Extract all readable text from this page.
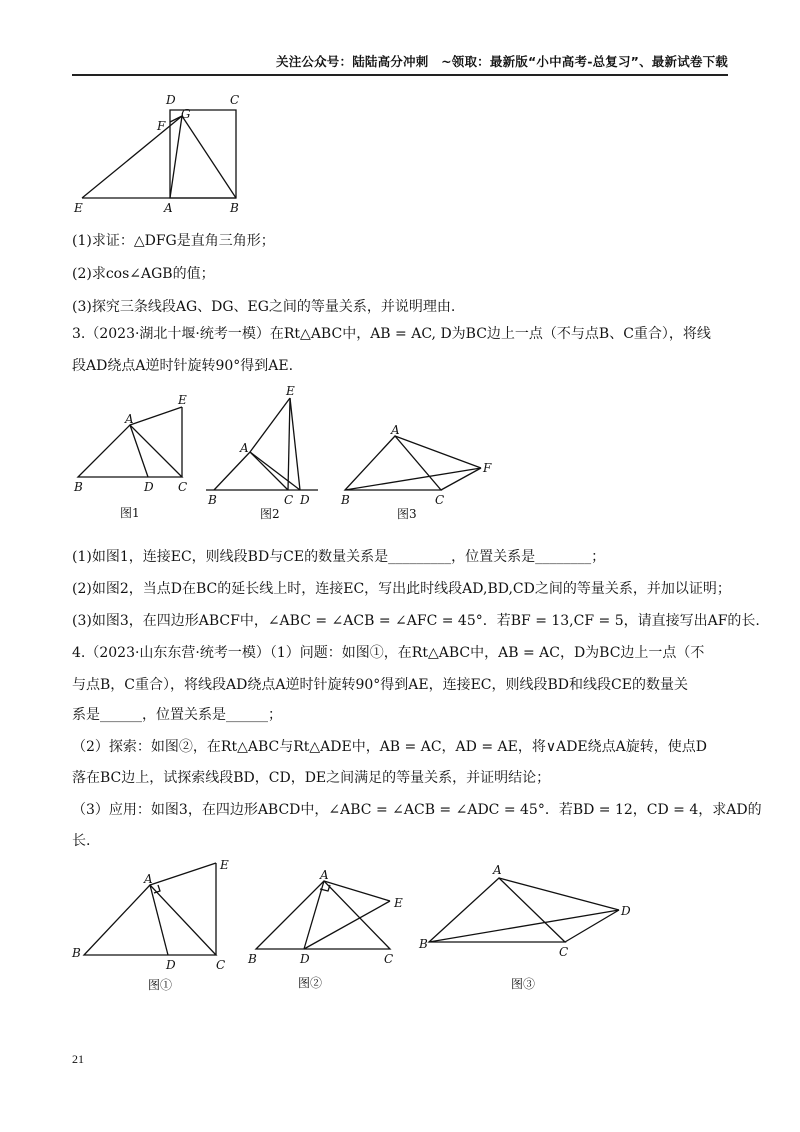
关注公众号：陆陆高分冲刺　~领取：最新版“小中高考-总复习”、最新试卷下载
D	C
G
F
E	A	B
(1)求证：△DFG是直角三角形；
(2)求cos∠AGB的值；
(3)探究三条线段AG、DG、EG之间的等量关系，并说明理由.
3.（2023·湖北十堰·统考一模）在Rt△ABC中，AB = AC, D为BC边上一点（不与点B、C重合），将线
段AD绕点A逆时针旋转90°得到AE.
A
E
B	D C
图1
E
A
B	C D
图2
A
F
B	C
图3
(1)如图1，连接EC，则线段BD与CE的数量关系是_________，位置关系是________；
(2)如图2，当点D在BC的延长线上时，连接EC，写出此时线段AD,BD,CD之间的等量关系，并加以证明；
(3)如图3，在四边形ABCF中，∠ABC = ∠ACB = ∠AFC = 45°．若BF = 13,CF = 5，请直接写出AF的长.
4.（2023·山东东营·统考一模）（1）问题：如图①，在Rt△ABC中，AB = AC，D为BC边上一点（不
与点B，C重合），将线段AD绕点A逆时针旋转90°得到AE，连接EC，则线段BD和线段CE的数量关
系是______，位置关系是______；
（2）探索：如图②，在Rt△ABC与Rt△ADE中，AB = AC，AD = AE，将∨ADE绕点A旋转，使点D
落在BC边上，试探索线段BD，CD，DE之间满足的等量关系，并证明结论；
（3）应用：如图3，在四边形ABCD中，∠ABC = ∠ACB = ∠ADC = 45°．若BD = 12，CD = 4，求AD的
长.
A
E
B
D	C
图①
A
E
B	D	C
图②
A
D
B
C
图③
21
